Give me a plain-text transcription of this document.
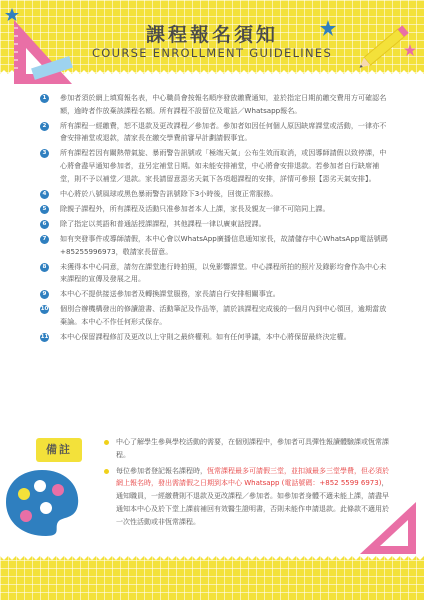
課程報名須知
COURSE ENROLLMENT GUIDELINES
1	參加者須於網上填寫報名表，中心職員會按報名順序發放繳費通知，並於指定日期前繳交費用方可確認名額，逾時者作放棄該課程名額。所有課程不設留位及電話／Whatsapp報名。
2	所有課程一經繳費，恕不退款及更改課程／參加者。參加者如因任何個人原因缺席課堂或活動，一律亦不會安排補堂或退款，請家長在繳交學費前審早計劃請假事宜。
3	所有課程若因有關熱帶氣旋、暴雨警告訊號或「極端天氣」公布生效而取消，或因導師請假以致停課，中心將會盡早通知參加者，並另定補堂日期。如未能安排補堂，中心將會安排退款。若參加者自行缺席補堂，則不予以補堂／退款。家長請留意惡劣天氣下各項超課程的安排，詳情可參照【惡劣天氣安排】。
4	中心將於八號風球或黑色暴雨警告訊號除下3小時後，回復正常服務。
5	除親子課程外，所有課程及活動只准參加者本人上課，家長及親友一律不可陪同上課。
6	除了指定以英語和普通話授課課程，其他課程一律以廣東話授課。
7	如有突發事件或導師請假，本中心會以WhatsApp廣播信息通知家長，故請儲存中心WhatsApp電話號碼+85255996973，敬請家長留意。
8	未獲得本中心同意，請勿在課堂進行時拍照，以免影響課堂。中心課程所拍的照片及錄影均會作為中心未來課程的宣傳及發展之用。
9	本中心不提供接送參加者及轉換課堂服務，家長請自行安排相關事宜。
10 個別合辦機構發出的修讀證書、活動筆記及作品等，請於該課程完成後的一個月內到中心領回，逾期當放棄論。本中心不作任何形式保存。
11 本中心保留課程修訂及更改以上守則之最終權利。如有任何爭議，本中心將保留最終決定權。
備註
中心了解學生參與學校活動的需要，在個別課程中，參加者可具彈性報讀體驗課或恆常課程。
每位參加者登記報名課程時，恆常課程最多可請假三堂，並扣減最多三堂學費，但必須於網上報名時，發出需請假之日期到本中心 Whatsapp (電話號碼：+852 5599 6973)，通知職員，一經繳費則不退款及更改課程／參加者。如參加者身體不適未能上課，請盡早通知本中心及於下堂上課前補回有效醫生證明書，否則未能作申請退款。此條款不適用於一次性活動或非恆常課程。
